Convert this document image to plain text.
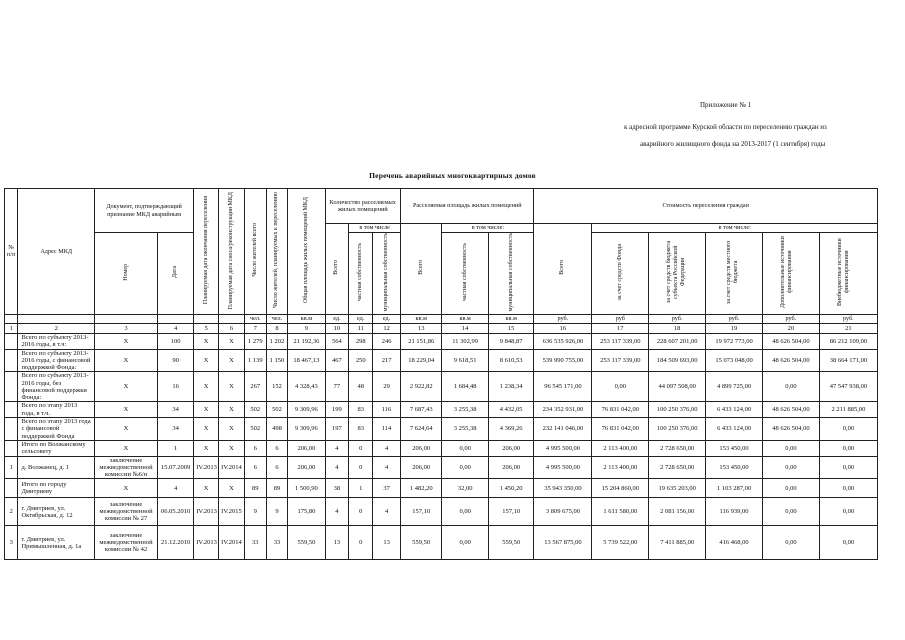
Приложение № 1
к адресной программе Курской области по переселению граждан из
аварийного жилищного фонда на 2013-2017 (1 сентября) годы
Перечень аварийных многоквартирных домов
№ п/п	Адрес МКД	Документ, подтверждающий признание МКД аварийным		Планируемая дата окончания переселения	Планируемая дата сноса/реконструкции МКД	Число жителей всего	Число жителей, планируемых к переселению	Общая площадь жилых помещений МКД	Количество расселяемых жилых помещений			Расселяемая площадь жилых помещений			Стоимость переселения граждан					
									Всего	в том числе		Всего	в том числе:		Всего	в том числе:				
		Номер	Дата							частная собственность	муниципальная собственность		частная собственность	муниципальная собственность		за счет средств Фонда	за счет средств бюджета субъекта Российской Федерации	за счет средств местного бюджета	Дополнительные источники финансирования	Внебюджетные источники финансирования
						чел.	чел.	кв.м	ед.	ед.	ед.	кв.м	кв.м	кв.м	руб.	руб	руб.	руб.	руб.	руб.
1	2	3	4	5	6	7	8	9	10	11	12	13	14	15	16	17	18	19	20	21
	Всего по субъекту 2013-2016 годы, в т.ч:	Х	100	Х	Х	1 279	1 202	21 192,36	564	298	246	21 151,86	11 302,99	9 848,87	636 535 926,00	253 117 339,00	228 607 201,00	19 972 773,00	48 626 504,00	86 212 109,00
	Всего по субъекту 2013-2016 годы, с финансовой поддержкой Фонда:	Х	90	Х	Х	1 139	1 150	18 467,13	467	250	217	18 229,04	9 618,51	8 610,53	539 990 755,00	253 117 339,00	184 509 693,00	15 073 048,00	48 626 504,00	38 664 171,00
	Всего по субъекту 2013-2016 годы, без финансовой поддержки Фонда:	Х	16	Х	Х	267	152	4 328,43	77	48	29	2 922,82	1 684,48	1 238,34	96 545 171,00	0,00	44 097 508,00	4 899 725,00	0,00	47 547 938,00
	Всего по этапу 2013 года, в т.ч.	Х	34	Х	Х	502	502	9 309,96	199	83	116	7 687,43	3 255,38	4 432,05	234 352 931,00	76 831 042,00	100 250 376,00	6 433 124,00	48 626 504,00	2 211 885,00
	Всего по этапу 2013 года с финансовой поддержкой Фонда	Х	34	Х	Х	502	498	9 309,96	197	83	114	7 624,64	3 255,38	4 369,26	232 141 046,00	76 831 042,00	100 250 376,00	6 433 124,00	48 626 504,00	0,00
	Итого по Волжанскому сельсовету	Х	1	Х	Х	6	6	206,00	4	0	4	206,00	0,00	206,00	4 995 500,00	2 113 400,00	2 728 650,00	153 450,00	0,00	0,00
1	д. Волжанец, д. 1	заключение межведомственной комиссии №6/н	15.07.2009	IV.2013	IV.2014	6	6	206,00	4	0	4	206,00	0,00	206,00	4 995 500,00	2 113 400,00	2 728 650,00	153 450,00	0,00	0,00
	Итого по городу Дмитриеву	Х	4	Х	Х	89	89	1 500,90	38	1	37	1 482,20	32,00	1 450,20	35 943 350,00	15 204 860,00	19 635 203,00	1 103 287,00	0,00	0,00
2	г. Дмитриев, ул. Октябрьская, д. 12	заключение межведомственной комиссии № 27	06.05.2010	IV.2013	IV.2015	9	9	175,80	4	0	4	157,10	0,00	157,10	3 809 675,00	1 611 580,00	2 081 156,00	116 939,00	0,00	0,00
3	г. Дмитриев, ул. Примышленная, д. 1а	заключение межведомственной комиссии № 42	21.12.2010	IV.2013	IV.2014	33	33	559,50	13	0	13	559,50	0,00	559,50	13 567 875,00	5 739 522,00	7 411 885,00	416 468,00	0,00	0,00
